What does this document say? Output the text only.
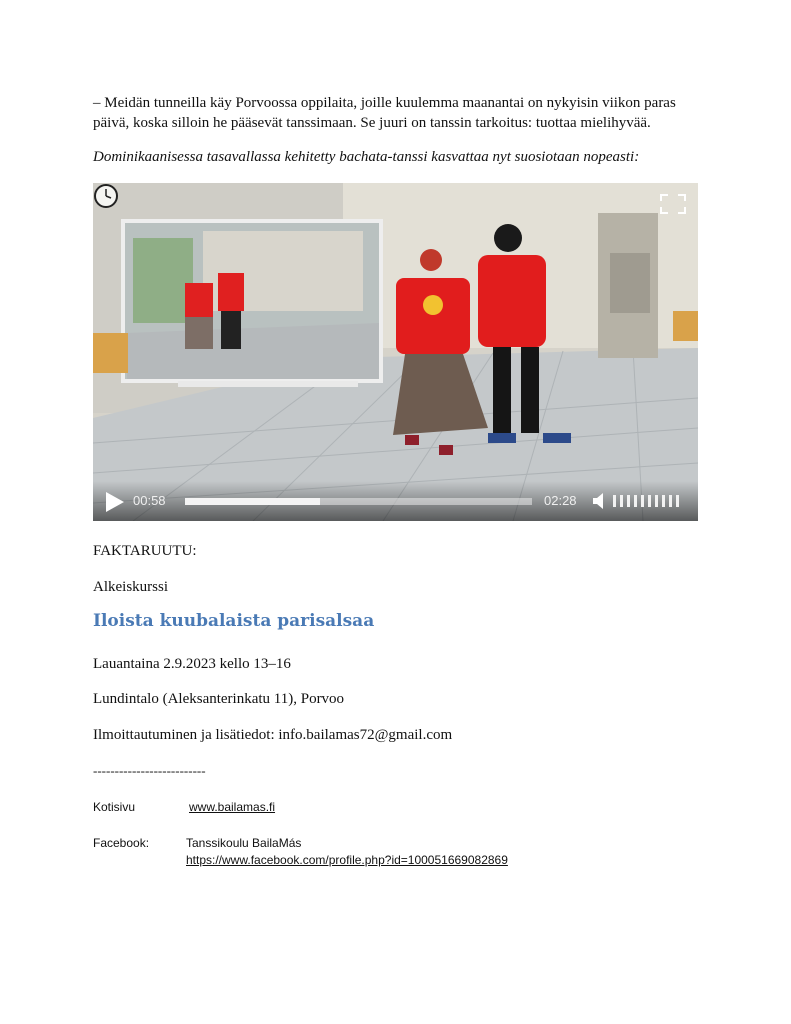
– Meidän tunneilla käy Porvoossa oppilaita, joille kuulemma maanantai on nykyisin viikon paras päivä, koska silloin he pääsevät tanssimaan. Se juuri on tanssin tarkoitus: tuottaa mielihyvää.
Dominikaanisessa tasavallassa kehitetty bachata-tanssi kasvattaa nyt suosiotaan nopeasti:
00:58	02:28
FAKTARUUTU:
Alkeiskurssi
Iloista kuubalaista parisalsaa
Lauantaina 2.9.2023 kello 13–16
Lundintalo (Aleksanterinkatu 11), Porvoo
Ilmoittautuminen ja lisätiedot: info.bailamas72@gmail.com
--------------------------
Kotisivu	www.bailamas.fi
Facebook:	Tanssikoulu BailaMás
https://www.facebook.com/profile.php?id=100051669082869
